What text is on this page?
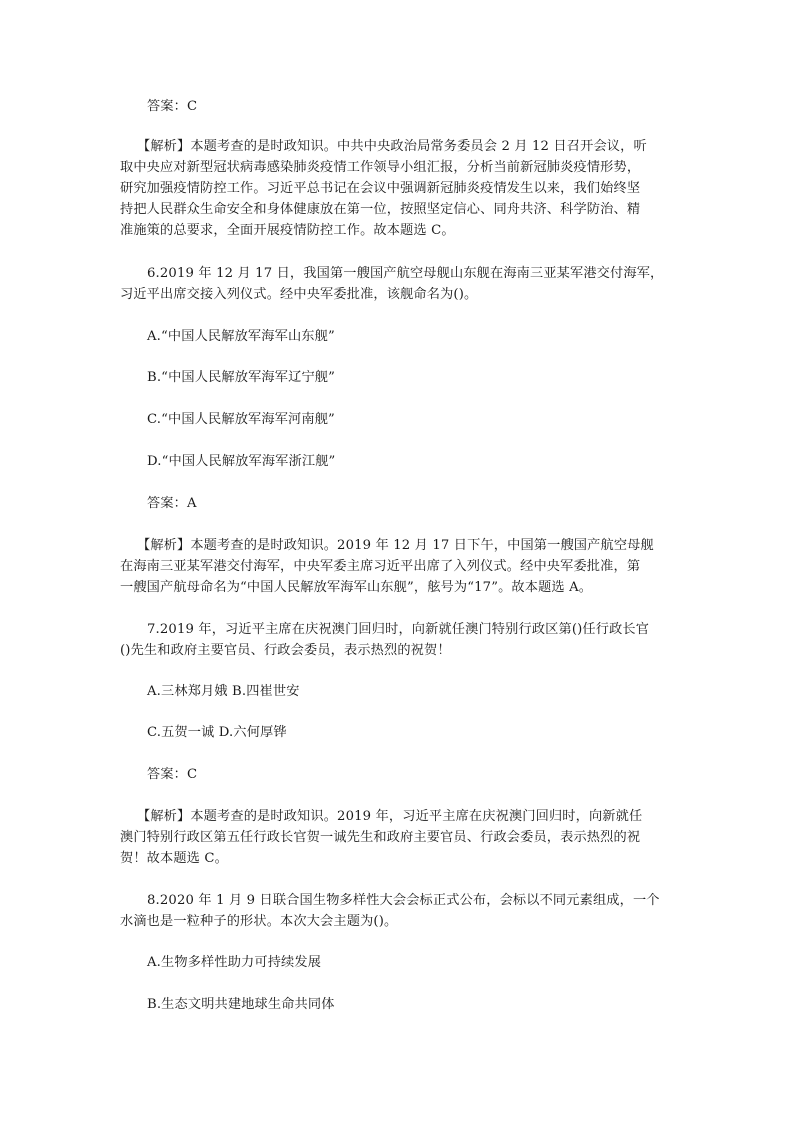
答案：C
【解析】本题考查的是时政知识。中共中央政治局常务委员会 2 月 12 日召开会议，听
取中央应对新型冠状病毒感染肺炎疫情工作领导小组汇报，分析当前新冠肺炎疫情形势，
研究加强疫情防控工作。习近平总书记在会议中强调新冠肺炎疫情发生以来，我们始终坚
持把人民群众生命安全和身体健康放在第一位，按照坚定信心、同舟共济、科学防治、精
准施策的总要求，全面开展疫情防控工作。故本题选 C。
6.2019 年 12 月 17 日，我国第一艘国产航空母舰山东舰在海南三亚某军港交付海军，
习近平出席交接入列仪式。经中央军委批准，该舰命名为()。
A.“中国人民解放军海军山东舰”
B.“中国人民解放军海军辽宁舰”
C.“中国人民解放军海军河南舰”
D.“中国人民解放军海军浙江舰”
答案：A
【解析】本题考查的是时政知识。2019 年 12 月 17 日下午，中国第一艘国产航空母舰
在海南三亚某军港交付海军，中央军委主席习近平出席了入列仪式。经中央军委批准，第
一艘国产航母命名为“中国人民解放军海军山东舰”，舷号为“17”。故本题选 A。
7.2019 年，习近平主席在庆祝澳门回归时，向新就任澳门特别行政区第()任行政长官
()先生和政府主要官员、行政会委员，表示热烈的祝贺！
A.三林郑月娥 B.四崔世安
C.五贺一诚 D.六何厚铧
答案：C
【解析】本题考查的是时政知识。2019 年，习近平主席在庆祝澳门回归时，向新就任
澳门特别行政区第五任行政长官贺一诚先生和政府主要官员、行政会委员，表示热烈的祝
贺！故本题选 C。
8.2020 年 1 月 9 日联合国生物多样性大会会标正式公布，会标以不同元素组成，一个
水滴也是一粒种子的形状。本次大会主题为()。
A.生物多样性助力可持续发展
B.生态文明共建地球生命共同体
